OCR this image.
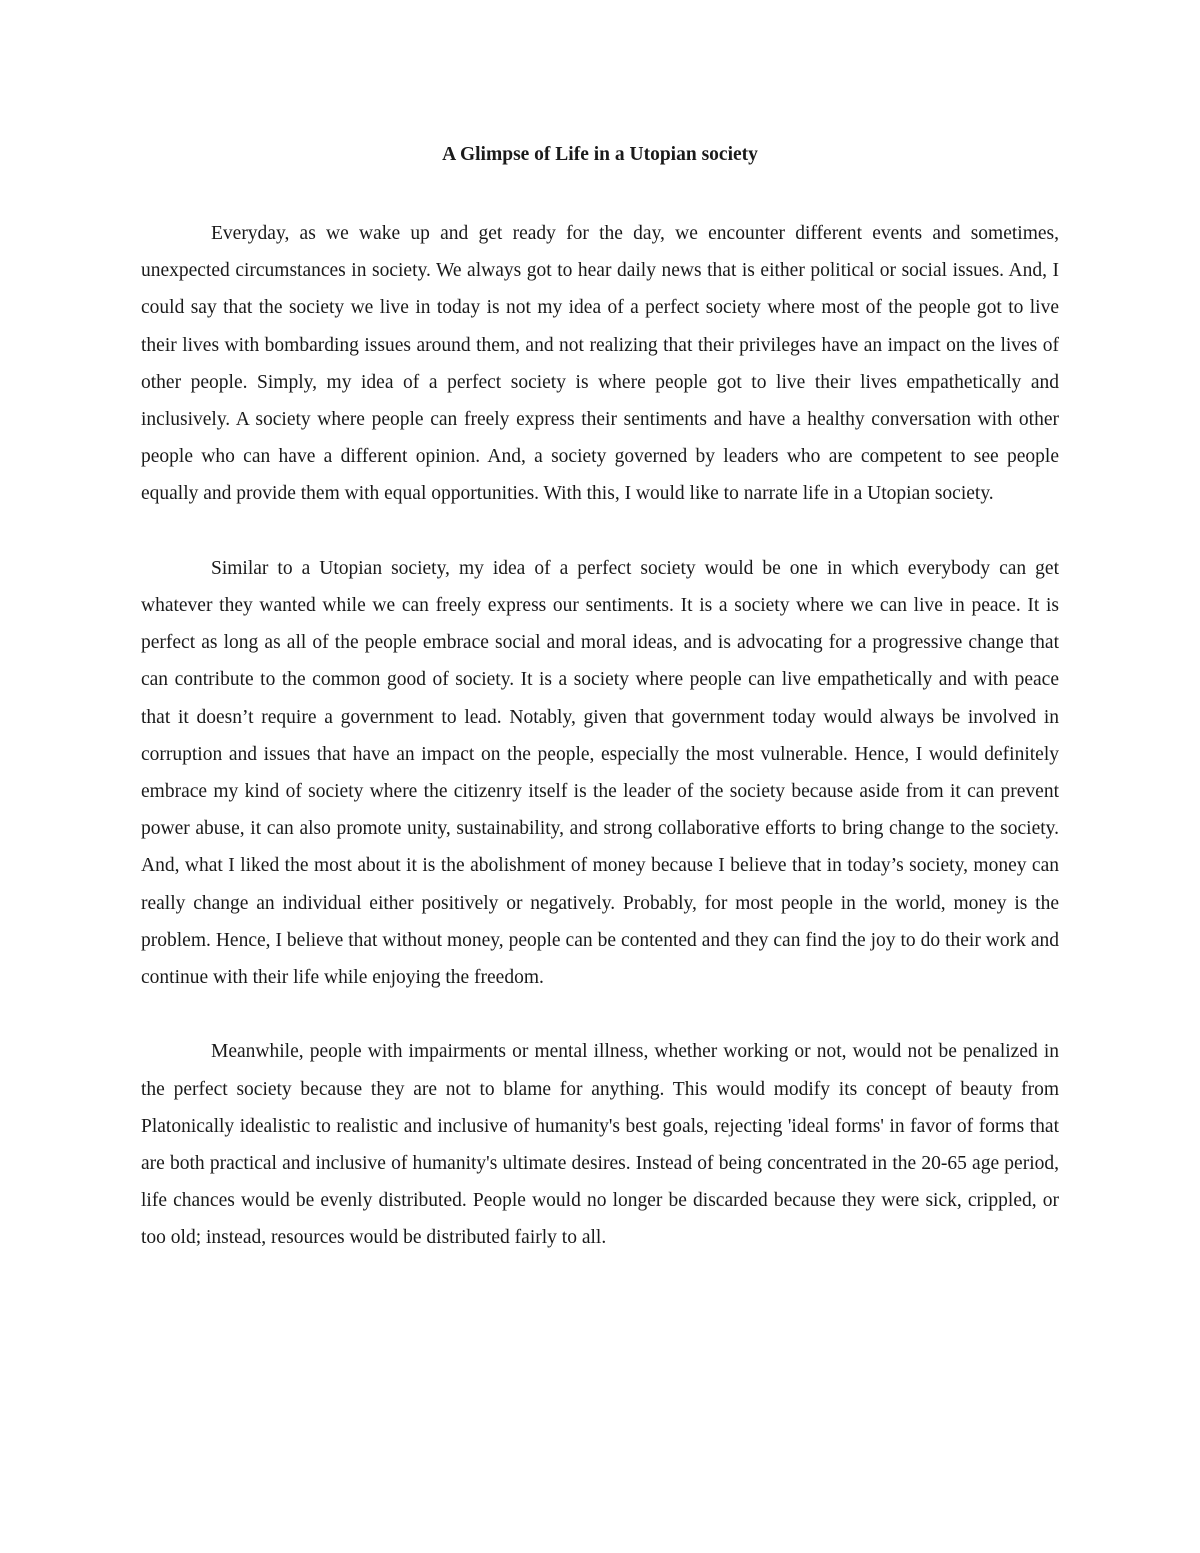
A Glimpse of Life in a Utopian society

Everyday, as we wake up and get ready for the day, we encounter different events and sometimes, unexpected circumstances in society. We always got to hear daily news that is either political or social issues. And, I could say that the society we live in today is not my idea of a perfect society where most of the people got to live their lives with bombarding issues around them, and not realizing that their privileges have an impact on the lives of other people. Simply, my idea of a perfect society is where people got to live their lives empathetically and inclusively. A society where people can freely express their sentiments and have a healthy conversation with other people who can have a different opinion. And, a society governed by leaders who are competent to see people equally and provide them with equal opportunities. With this, I would like to narrate life in a Utopian society.

Similar to a Utopian society, my idea of a perfect society would be one in which everybody can get whatever they wanted while we can freely express our sentiments. It is a society where we can live in peace. It is perfect as long as all of the people embrace social and moral ideas, and is advocating for a progressive change that can contribute to the common good of society. It is a society where people can live empathetically and with peace that it doesn’t require a government to lead. Notably, given that government today would always be involved in corruption and issues that have an impact on the people, especially the most vulnerable. Hence, I would definitely embrace my kind of society where the citizenry itself is the leader of the society because aside from it can prevent power abuse, it can also promote unity, sustainability, and strong collaborative efforts to bring change to the society. And, what I liked the most about it is the abolishment of money because I believe that in today’s society, money can really change an individual either positively or negatively. Probably, for most people in the world, money is the problem. Hence, I believe that without money, people can be contented and they can find the joy to do their work and continue with their life while enjoying the freedom.

Meanwhile, people with impairments or mental illness, whether working or not, would not be penalized in the perfect society because they are not to blame for anything. This would modify its concept of beauty from Platonically idealistic to realistic and inclusive of humanity's best goals, rejecting 'ideal forms' in favor of forms that are both practical and inclusive of humanity's ultimate desires. Instead of being concentrated in the 20-65 age period, life chances would be evenly distributed. People would no longer be discarded because they were sick, crippled, or too old; instead, resources would be distributed fairly to all.
